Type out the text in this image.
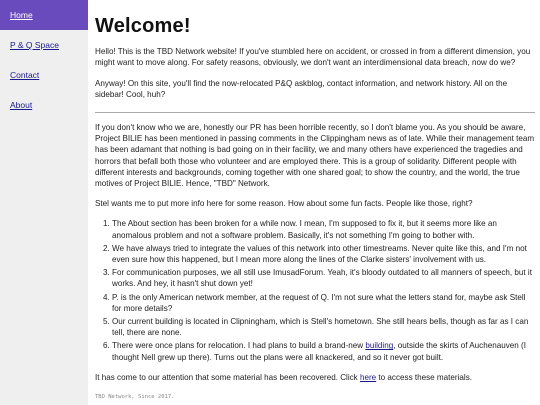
Home
P & Q Space
Contact
About
Welcome!

Hello! This is the TBD Network website! If you've stumbled here on accident, or crossed in from a different dimension, you might want to move along. For safety reasons, obviously, we don't want an interdimensional data breach, now do we?

Anyway! On this site, you'll find the now-relocated P&Q askblog, contact information, and network history. All on the sidebar! Cool, huh?

If you don't know who we are, honestly our PR has been horrible recently, so I don't blame you. As you should be aware, Project BILIE has been mentioned in passing comments in the Clippingham news as of late. While their management team has been adamant that nothing is bad going on in their facility, we and many others have experienced the tragedies and horrors that befall both those who volunteer and are employed there. This is a group of solidarity. Different people with different interests and backgrounds, coming together with one shared goal; to show the country, and the world, the true motives of Project BILIE. Hence, "TBD" Network.

Stel wants me to put more info here for some reason. How about some fun facts. People like those, right?

1. The About section has been broken for a while now. I mean, I'm supposed to fix it, but it seems more like an anomalous problem and not a software problem. Basically, it's not something I'm going to bother with.
2. We have always tried to integrate the values of this network into other timestreams. Never quite like this, and I'm not even sure how this happened, but I mean more along the lines of the Clarke sisters' involvement with us.
3. For communication purposes, we all still use ImusadForum. Yeah, it's bloody outdated to all manners of speech, but it works. And hey, it hasn't shut down yet!
4. P. is the only American network member, at the request of Q. I'm not sure what the letters stand for, maybe ask Stell for more details?
5. Our current building is located in Clipningham, which is Stell's hometown. She still hears bells, though as far as I can tell, there are none.
6. There were once plans for relocation. I had plans to build a brand-new building, outside the skirts of Auchenauven (I thought Nell grew up there). Turns out the plans were all knackered, and so it never got built.

It has come to our attention that some material has been recovered. Click here to access these materials.

TBD Network, Since 2017.
